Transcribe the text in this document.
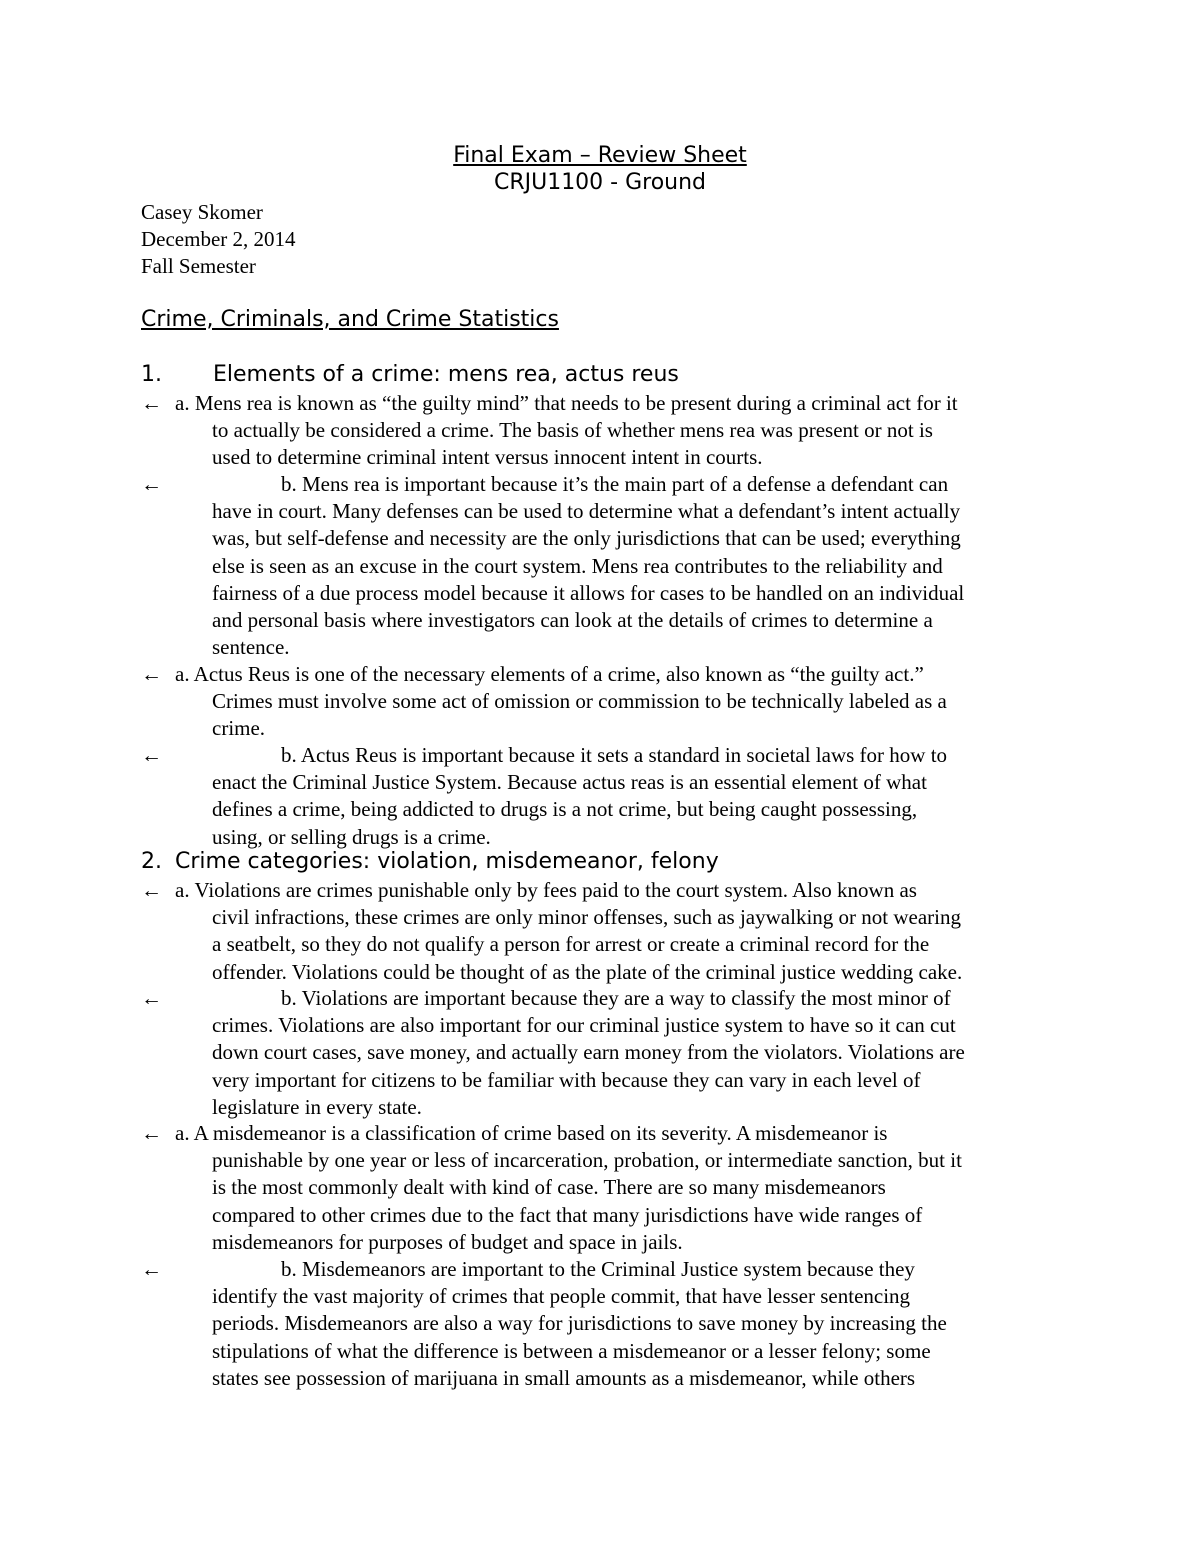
Final Exam – Review Sheet
CRJU1100 - Ground
Casey Skomer
December 2, 2014
Fall Semester
Crime, Criminals, and Crime Statistics
1. Elements of a crime: mens rea, actus reus
← a. Mens rea is known as “the guilty mind” that needs to be present during a criminal act for it
to actually be considered a crime. The basis of whether mens rea was present or not is
used to determine criminal intent versus innocent intent in courts.
←	b. Mens rea is important because it’s the main part of a defense a defendant can
have in court. Many defenses can be used to determine what a defendant’s intent actually
was, but self-defense and necessity are the only jurisdictions that can be used; everything
else is seen as an excuse in the court system. Mens rea contributes to the reliability and
fairness of a due process model because it allows for cases to be handled on an individual
and personal basis where investigators can look at the details of crimes to determine a
sentence.
← a. Actus Reus is one of the necessary elements of a crime, also known as “the guilty act.”
Crimes must involve some act of omission or commission to be technically labeled as a
crime.
←	b. Actus Reus is important because it sets a standard in societal laws for how to
enact the Criminal Justice System. Because actus reas is an essential element of what
defines a crime, being addicted to drugs is a not crime, but being caught possessing,
using, or selling drugs is a crime.
2. Crime categories: violation, misdemeanor, felony
← a. Violations are crimes punishable only by fees paid to the court system. Also known as
civil infractions, these crimes are only minor offenses, such as jaywalking or not wearing
a seatbelt, so they do not qualify a person for arrest or create a criminal record for the
offender. Violations could be thought of as the plate of the criminal justice wedding cake.
←	b. Violations are important because they are a way to classify the most minor of
crimes. Violations are also important for our criminal justice system to have so it can cut
down court cases, save money, and actually earn money from the violators. Violations are
very important for citizens to be familiar with because they can vary in each level of
legislature in every state.
← a. A misdemeanor is a classification of crime based on its severity. A misdemeanor is
punishable by one year or less of incarceration, probation, or intermediate sanction, but it
is the most commonly dealt with kind of case. There are so many misdemeanors
compared to other crimes due to the fact that many jurisdictions have wide ranges of
misdemeanors for purposes of budget and space in jails.
←	b. Misdemeanors are important to the Criminal Justice system because they
identify the vast majority of crimes that people commit, that have lesser sentencing
periods. Misdemeanors are also a way for jurisdictions to save money by increasing the
stipulations of what the difference is between a misdemeanor or a lesser felony; some
states see possession of marijuana in small amounts as a misdemeanor, while others
